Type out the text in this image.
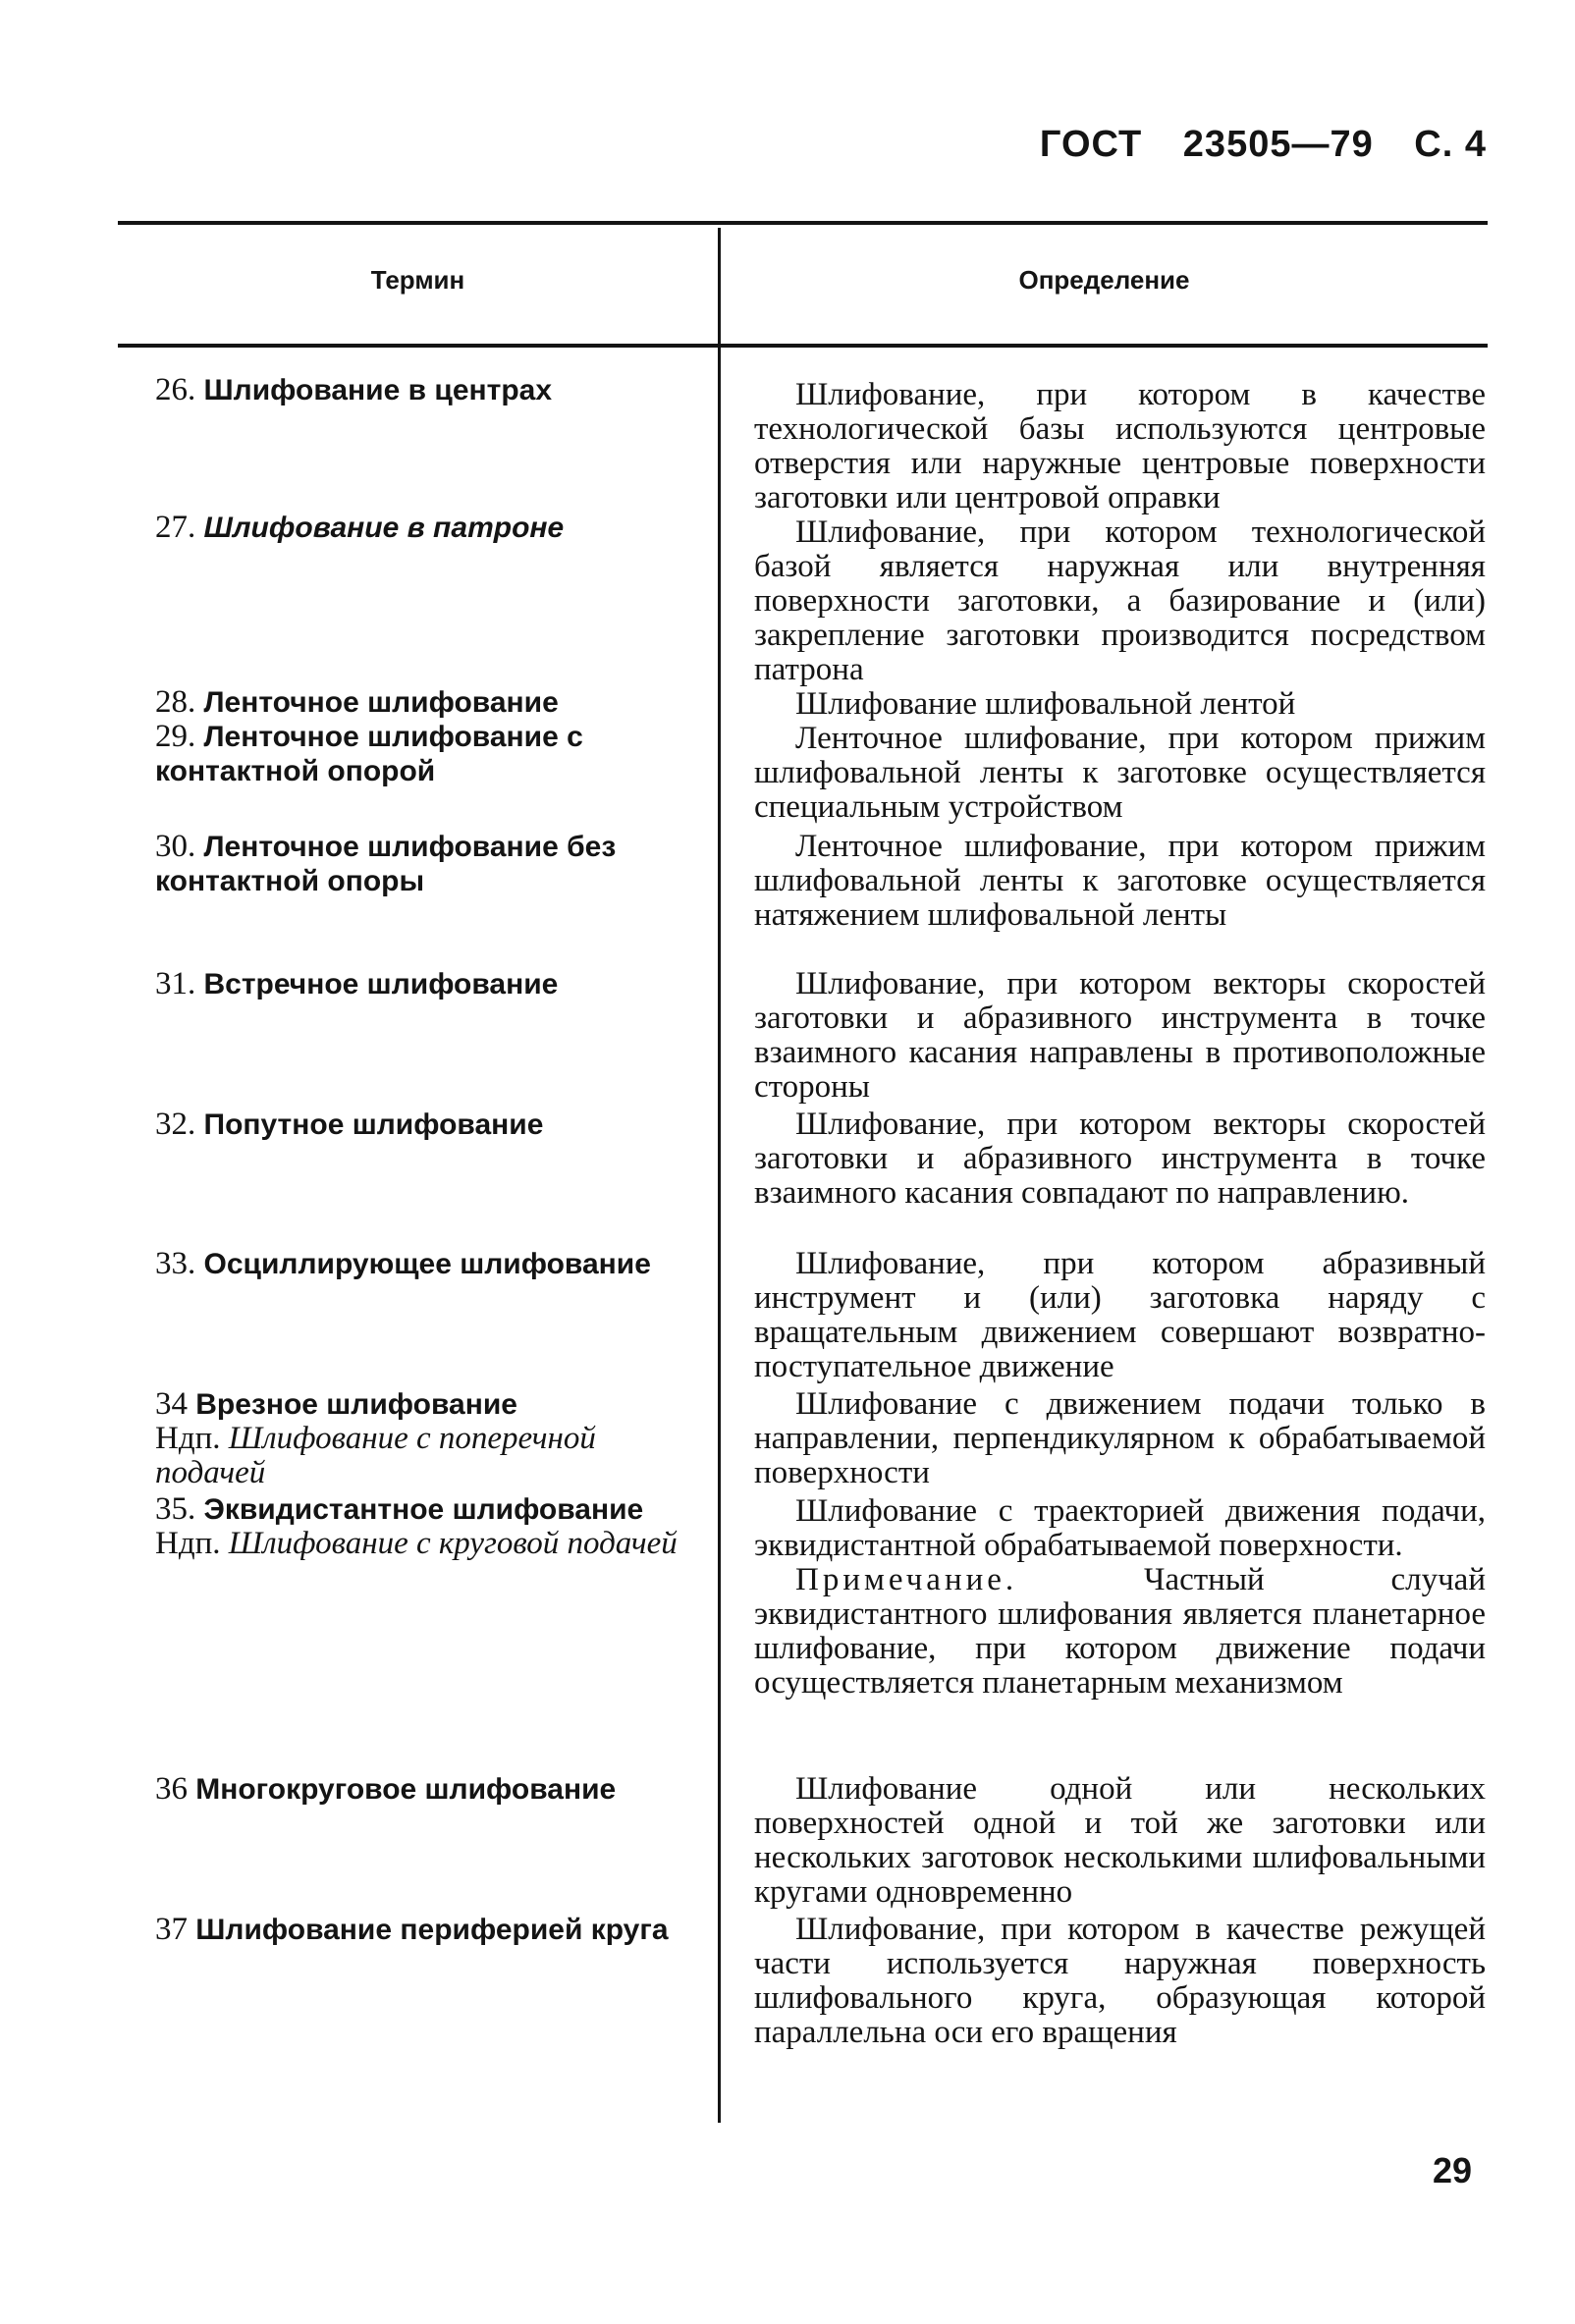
ГОСТ 23505—79 С. 4
Термин	Определение
26. Шлифование в центрах
27. Шлифование в патроне
28. Ленточное шлифование
29. Ленточное шлифование с контактной опорой
30. Ленточное шлифование без контактной опоры
31. Встречное шлифование
32. Попутное шлифование
33. Осциллирующее шлифование
34 Врезное шлифование
Ндп. Шлифование с поперечной подачей
35. Эквидистантное шлифование
Ндп. Шлифование с круговой подачей
36 Многокруговое шлифование
37 Шлифование периферией круга

Шлифование, при котором в качестве технологической базы используются центровые отверстия или наружные центровые поверхности заготовки или центровой оправки

Шлифование, при котором технологической базой является наружная или внутренняя поверхности заготовки, а базирование и (или) закрепление заготовки производится посредством патрона

Шлифование шлифовальной лентой

Ленточное шлифование, при котором прижим шлифовальной ленты к заготовке осуществляется специальным устройством

Ленточное шлифование, при котором прижим шлифовальной ленты к заготовке осуществляется натяжением шлифовальной ленты

Шлифование, при котором векторы скоростей заготовки и абразивного инструмента в точке взаимного касания направлены в противоположные стороны

Шлифование, при котором векторы скоростей заготовки и абразивного инструмента в точке взаимного касания совпадают по направлению.

Шлифование, при котором абразивный инструмент и (или) заготовка наряду с вращательным движением совершают возвратно-поступательное движение

Шлифование с движением подачи только в направлении, перпендикулярном к обрабатываемой поверхности

Шлифование с траекторией движения подачи, эквидистантной обрабатываемой поверхности.

Примечание.	Частный случай эквидистантного шлифования является планетарное шлифование, при котором движение подачи осуществляется планетарным механизмом

Шлифование одной или нескольких поверхностей одной и той же заготовки или нескольких заготовок несколькими шлифовальными кругами одновременно

Шлифование, при котором в качестве режущей части используется наружная поверхность шлифовального круга, образующая которой параллельна оси его вращения

29
